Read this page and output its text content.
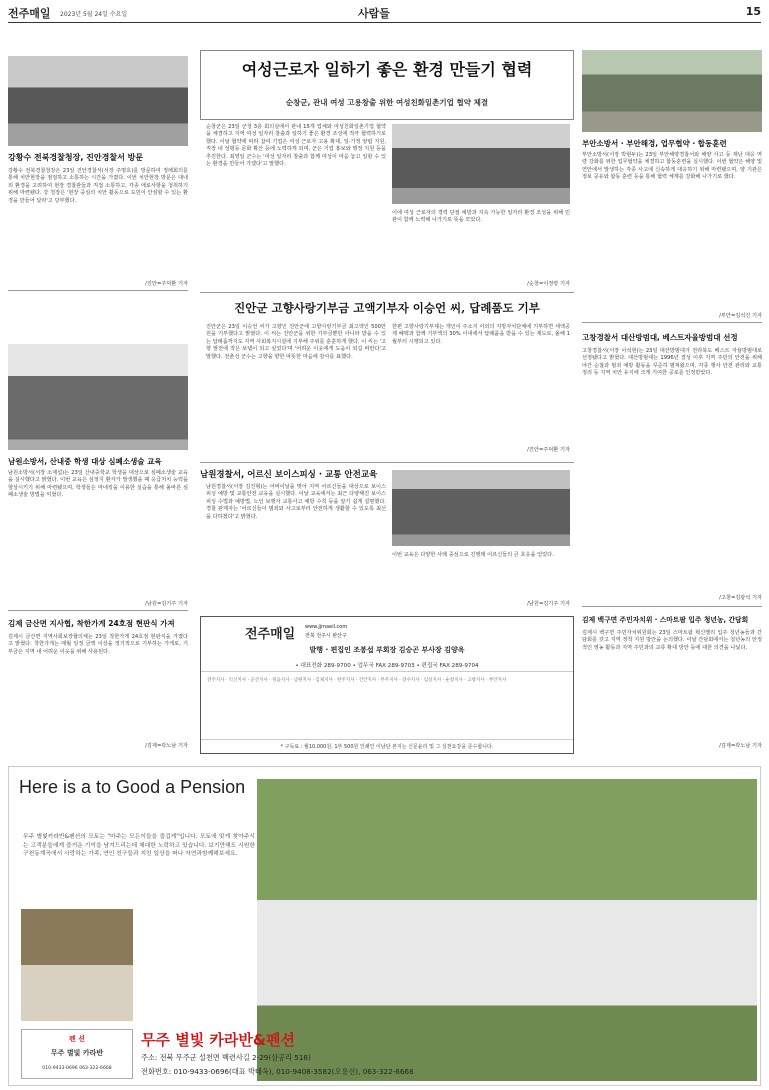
전주매일 2023년 5월 24일 수요일	사람들	15
강황수 전북경찰청장, 진안경찰서 방문
강황수 전북경찰청장은 23일 진안경찰서(서장 주명호)를 방문하여 정례회의를 통해 치안현장을 점검하고 소통하는 시간을 가졌다. 이번 치안현장 방문은 대내외 환경을 고려하여 현장 경찰관들과 직접 소통하고, 각종 애로사항을 청취하기 위해 마련됐다. 강 청장은 '현장 중심의 치안 활동으로 도민이 안심할 수 있는 환경을 만들어 달라'고 당부했다.
/진안=주덕환 기자
여성근로자 일하기 좋은 환경 만들기 협력
순창군, 관내 여성 고용창출 위한 여성친화일촌기업 협약 체결
순창군은 23일 군청 3층 회의실에서 관내 15개 업체와 여성친화일촌기업 협약을 체결하고 지역 여성 일자리 창출과 일하기 좋은 환경 조성에 적극 협력하기로 했다. 이날 협약에 따라 참여 기업은 여성 근로자 고용 확대, 일·가정 양립 지원, 직장 내 성평등 문화 확산 등에 노력하게 되며, 군은 기업 홍보와 행정 지원 등을 추진한다. 최영일 군수는 '여성 일자리 창출과 함께 여성이 마음 놓고 일할 수 있는 환경을 만들어 가겠다'고 말했다.
이에 여성 근로자의 경력 단절 예방과 지속 가능한 일자리 환경 조성을 위해 민관이 함께 노력해 나가기로 뜻을 모았다.
/순창=이정랑 기자
부안소방서 · 부안해경, 업무협약 · 합동훈련
부안소방서(서장 박현두)는 23일 부안해양경찰서와 해양 사고 등 재난 대응 역량 강화를 위한 업무협약을 체결하고 합동훈련을 실시했다. 이번 협약은 해양 및 연안에서 발생하는 각종 사고에 신속하게 대응하기 위해 마련됐으며, 양 기관은 정보 공유와 합동 훈련 등을 통해 협력 체계를 강화해 나가기로 했다.
/부안=김석진 기자
진안군 고향사랑기부금 고액기부자 이승언 씨, 답례품도 기부
진안군은 23일 이승언 씨가 고향인 진안군에 고향사랑기부금 최고액인 500만원을 기부했다고 밝혔다. 이 씨는 진안군을 위한 기부금뿐만 아니라 받을 수 있는 답례품까지도 지역 사회복지시설에 기부해 주위를 훈훈하게 했다. 이 씨는 '고향 발전에 작은 보탬이 되고 싶었다'며 '어려운 이웃에게 도움이 되길 바란다'고 말했다. 전춘성 군수는 고향을 향한 따뜻한 마음에 감사를 표했다.
한편 고향사랑기부제는 개인이 주소지 이외의 지방자치단체에 기부하면 세액공제 혜택과 함께 기부액의 30% 이내에서 답례품을 받을 수 있는 제도로, 올해 1월부터 시행되고 있다.
/진안=주덕환 기자
남원소방서, 산내중 학생 대상 심폐소생술 교육
남원소방서(서장 소재섭)는 23일 산내중학교 학생을 대상으로 심폐소생술 교육을 실시했다고 밝혔다. 이번 교육은 심정지 환자가 발생했을 때 응급처치 능력을 향상시키기 위해 마련됐으며, 학생들은 마네킹을 이용한 실습을 통해 올바른 심폐소생술 방법을 익혔다.
/남원=김기주 기자
남원경찰서, 어르신 보이스피싱 · 교통 안전교육
남원경찰서(서장 김진형)는 어버이날을 맞아 지역 어르신들을 대상으로 보이스피싱 예방 및 교통안전 교육을 실시했다. 이날 교육에서는 최근 다양해진 보이스피싱 수법과 예방법, 노인 보행자 교통사고 예방 수칙 등을 알기 쉽게 설명했다. 경찰 관계자는 '어르신들이 범죄와 사고로부터 안전하게 생활할 수 있도록 최선을 다하겠다'고 밝혔다.
이번 교육은 다양한 사례 중심으로 진행돼 어르신들의 큰 호응을 얻었다.
/남원=김기주 기자
고창경찰서 대산방범대, 베스트자율방범대 선정
고창경찰서(서장 이석현)는 23일 대산방범대가 전라북도 베스트 자율방범대로 선정됐다고 밝혔다. 대산방범대는 1996년 결성 이후 지역 주민의 안전을 위해 야간 순찰과 범죄 예방 활동을 꾸준히 펼쳐왔으며, 각종 행사 안전 관리와 교통 정리 등 지역 치안 유지에 크게 기여한 공로를 인정받았다.
/고창=김광석 기자
김제 금산면 지사협, 착한가게 24호점 현판식 가져
김제시 금산면 지역사회보장협의체는 23일 착한가게 24호점 현판식을 가졌다고 밝혔다. 착한가게는 매월 일정 금액 이상을 정기적으로 기부하는 가게로, 기부금은 지역 내 어려운 이웃을 위해 사용된다.
/김제=곽노남 기자
김제 백구면 주민자치위 · 스마트팜 입주 청년농, 간담회
김제시 백구면 주민자치위원회는 23일 스마트팜 혁신밸리 입주 청년농들과 간담회를 갖고 지역 정착 지원 방안을 논의했다. 이날 간담회에서는 청년농의 안정적인 영농 활동과 지역 주민과의 교류 확대 방안 등에 대한 의견을 나눴다.
/김제=곽노남 기자
전주매일 www.jjmaeil.com
전북 전주시 완산구
발행 · 편집인 조봉섭 부회장 김승곤 부사장 김양옥
• 대표전화 289-9700 • 업무국 FAX 289-9703 • 편집국 FAX 289-9704
전주지사 · 익산지사 · 군산지사 · 정읍지사 · 남원지사 · 김제지사 · 완주지사 · 진안지사 · 무주지사 · 장수지사 · 임실지사 · 순창지사 · 고창지사 · 부안지사
* 구독료 : 월10,000원, 1부 500원 인쇄인 이남단 본지는 신문윤리 및 그 실천요강을 준수합니다.
Here is a to Good a Pension
무주 별빛카라반&펜션의 모토는 "마주는 모든이들을 즐겁게"입니다. 모토에 맞게 찾아주시는 고객분들에게 즐거운 기억을 남겨드리는데 체대한 노력하고 있습니다. 보기만해도 시원한 구천동계곡에서 사랑하는 가족, 연인 친구들과 지친 일상을 떠나 자연과함께해보세요.
펜 션
무주 별빛 카라반
010-9433-0696 063-322-6668
무주 별빛 카라반&펜션
주소: 전북 무주군 설천면 백련사길 2-29(삼공리 518)
전화번호: 010-9433-0696(대표 박태옥), 010-9408-3582(오용선), 063-322-6668
